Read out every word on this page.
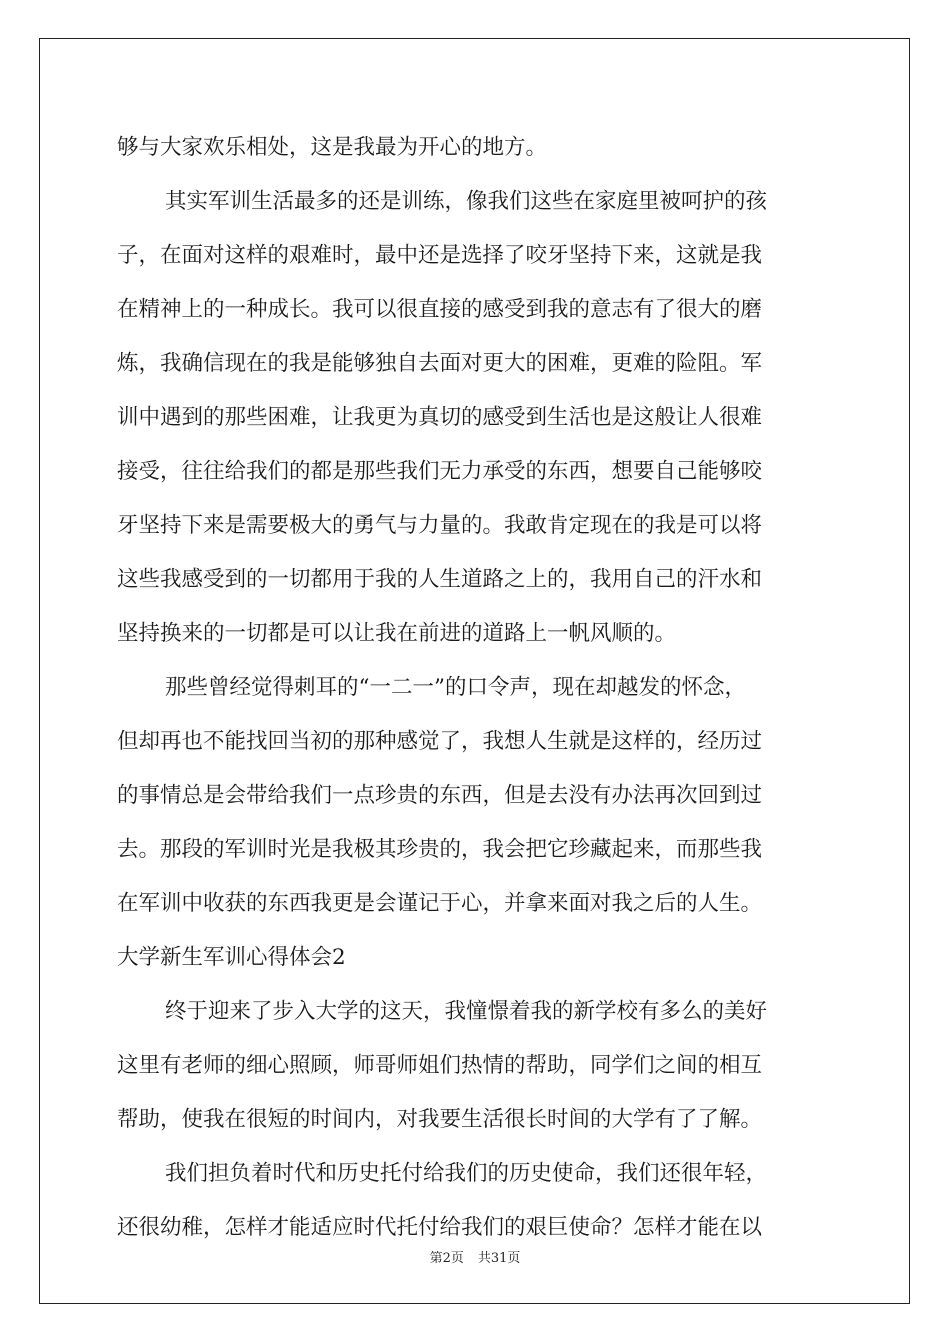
够与大家欢乐相处，这是我最为开心的地方。
其实军训生活最多的还是训练，像我们这些在家庭里被呵护的孩
子，在面对这样的艰难时，最中还是选择了咬牙坚持下来，这就是我
在精神上的一种成长。我可以很直接的感受到我的意志有了很大的磨
炼，我确信现在的我是能够独自去面对更大的困难，更难的险阻。军
训中遇到的那些困难，让我更为真切的感受到生活也是这般让人很难
接受，往往给我们的都是那些我们无力承受的东西，想要自己能够咬
牙坚持下来是需要极大的勇气与力量的。我敢肯定现在的我是可以将
这些我感受到的一切都用于我的人生道路之上的，我用自己的汗水和
坚持换来的一切都是可以让我在前进的道路上一帆风顺的。
那些曾经觉得刺耳的“一二一”的口令声，现在却越发的怀念，
但却再也不能找回当初的那种感觉了，我想人生就是这样的，经历过
的事情总是会带给我们一点珍贵的东西，但是去没有办法再次回到过
去。那段的军训时光是我极其珍贵的，我会把它珍藏起来，而那些我
在军训中收获的东西我更是会谨记于心，并拿来面对我之后的人生。
大学新生军训心得体会2
终于迎来了步入大学的这天，我憧憬着我的新学校有多么的美好
这里有老师的细心照顾，师哥师姐们热情的帮助，同学们之间的相互
帮助，使我在很短的时间内，对我要生活很长时间的大学有了了解。
我们担负着时代和历史托付给我们的历史使命，我们还很年轻，
还很幼稚，怎样才能适应时代托付给我们的艰巨使命？怎样才能在以
第2页 共31页
